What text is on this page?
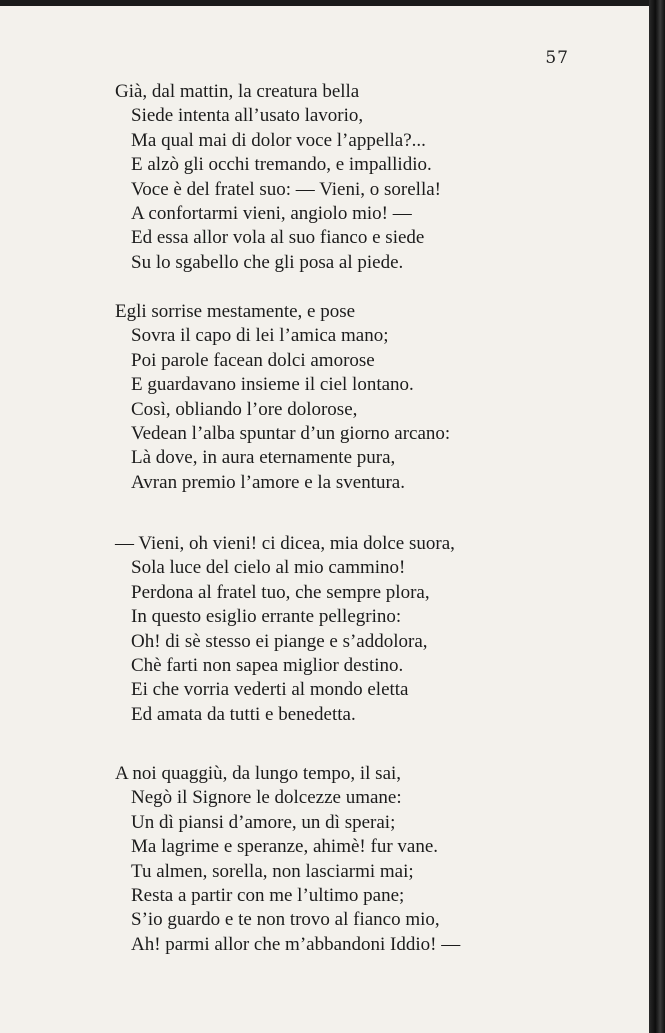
57
Già, dal mattin, la creatura bella
Siede intenta all’usato lavorio,
Ma qual mai di dolor voce l’appella?...
E alzò gli occhi tremando, e impallidio.
Voce è del fratel suo: — Vieni, o sorella!
A confortarmi vieni, angiolo mio! —
Ed essa allor vola al suo fianco e siede
Su lo sgabello che gli posa al piede.
Egli sorrise mestamente, e pose
Sovra il capo di lei l’amica mano;
Poi parole facean dolci amorose
E guardavano insieme il ciel lontano.
Così, obliando l’ore dolorose,
Vedean l’alba spuntar d’un giorno arcano:
Là dove, in aura eternamente pura,
Avran premio l’amore e la sventura.
— Vieni, oh vieni! ci dicea, mia dolce suora,
Sola luce del cielo al mio cammino!
Perdona al fratel tuo, che sempre plora,
In questo esiglio errante pellegrino:
Oh! di sè stesso ei piange e s’addolora,
Chè farti non sapea miglior destino.
Ei che vorria vederti al mondo eletta
Ed amata da tutti e benedetta.
A noi quaggiù, da lungo tempo, il sai,
Negò il Signore le dolcezze umane:
Un dì piansi d’amore, un dì sperai;
Ma lagrime e speranze, ahimè! fur vane.
Tu almen, sorella, non lasciarmi mai;
Resta a partir con me l’ultimo pane;
S’io guardo e te non trovo al fianco mio,
Ah! parmi allor che m’abbandoni Iddio! —
